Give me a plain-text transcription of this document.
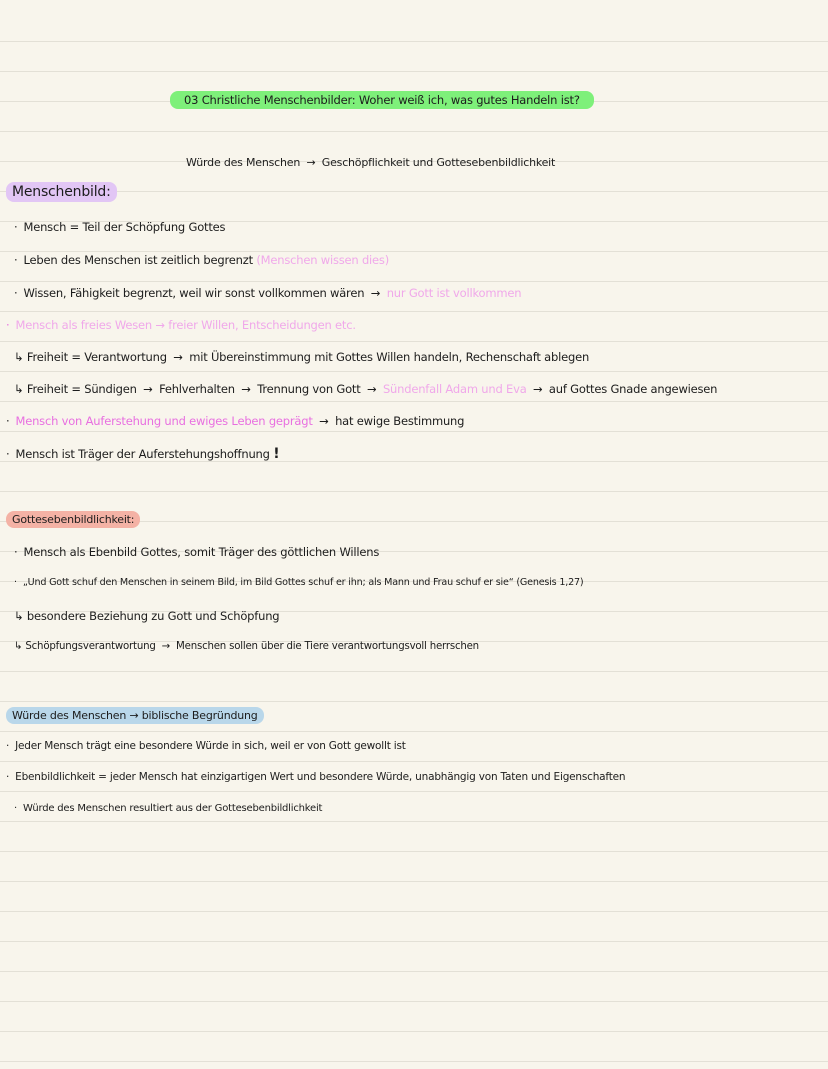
03 Christliche Menschenbilder: Woher weiß ich, was gutes Handeln ist?
Würde des Menschen → Geschöpflichkeit und Gottesebenbildlichkeit
Menschenbild:
· Mensch = Teil der Schöpfung Gottes
· Leben des Menschen ist zeitlich begrenzt (Menschen wissen dies)
· Wissen, Fähigkeit begrenzt, weil wir sonst vollkommen wären → nur Gott ist vollkommen
· Mensch als freies Wesen → freier Willen, Entscheidungen etc.
↳ Freiheit = Verantwortung → mit Übereinstimmung mit Gottes Willen handeln, Rechenschaft ablegen
↳ Freiheit = Sündigen → Fehlverhalten → Trennung von Gott → Sündenfall Adam und Eva → auf Gottes Gnade angewiesen
· Mensch von Auferstehung und ewiges Leben geprägt → hat ewige Bestimmung
· Mensch ist Träger der Auferstehungshoffnung !
Gottesebenbildlichkeit:
· Mensch als Ebenbild Gottes, somit Träger des göttlichen Willens
· „Und Gott schuf den Menschen in seinem Bild, im Bild Gottes schuf er ihn; als Mann und Frau schuf er sie“ (Genesis 1,27)
↳ besondere Beziehung zu Gott und Schöpfung
↳ Schöpfungsverantwortung → Menschen sollen über die Tiere verantwortungsvoll herrschen
Würde des Menschen → biblische Begründung
· Jeder Mensch trägt eine besondere Würde in sich, weil er von Gott gewollt ist
· Ebenbildlichkeit = jeder Mensch hat einzigartigen Wert und besondere Würde, unabhängig von Taten und Eigenschaften
· Würde des Menschen resultiert aus der Gottesebenbildlichkeit
